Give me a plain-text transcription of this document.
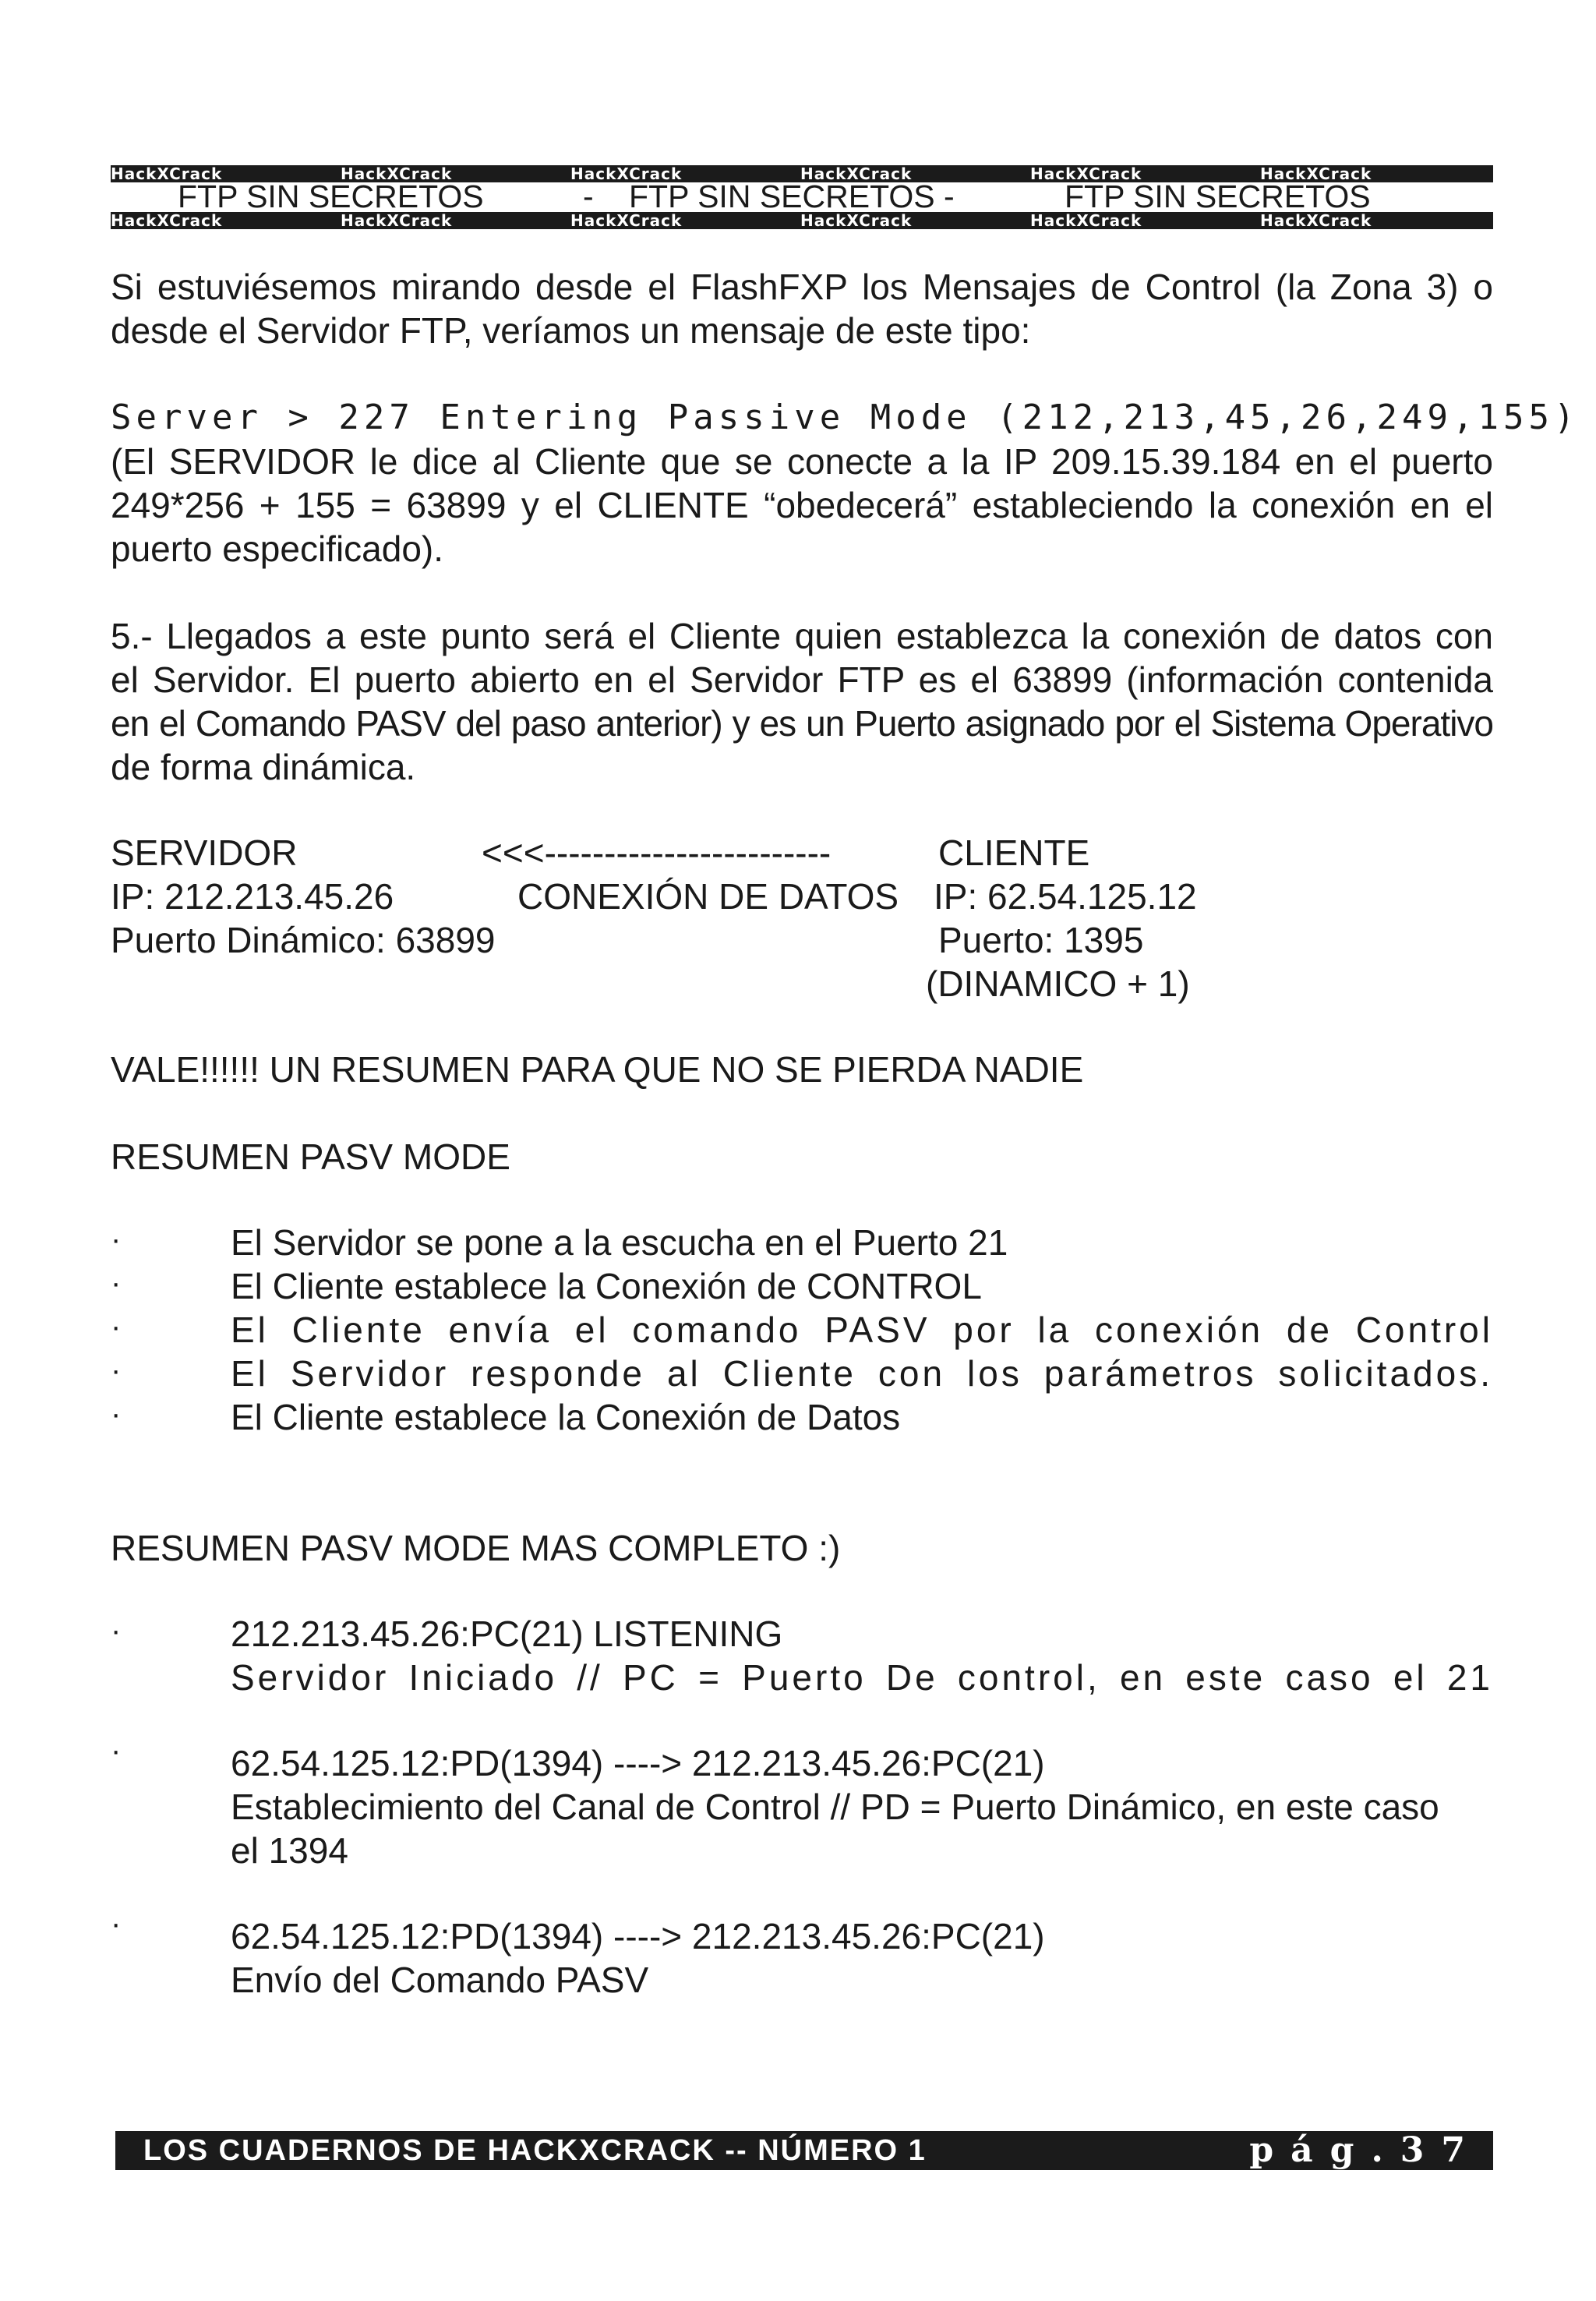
HackXCrack	HackXCrack	HackXCrack	HackXCrack	HackXCrack	HackXCrack
FTP SIN SECRETOS	- FTP SIN SECRETOS -	FTP SIN SECRETOS
HackXCrack	HackXCrack	HackXCrack	HackXCrack	HackXCrack	HackXCrack
Si estuviésemos mirando desde el FlashFXP los Mensajes de Control (la Zona 3) o
desde el Servidor FTP, veríamos un mensaje de este tipo:
Server > 227 Entering Passive Mode (212,213,45,26,249,155)
(El SERVIDOR le dice al Cliente que se conecte a la IP 209.15.39.184 en el puerto
249*256 + 155 = 63899 y el CLIENTE “obedecerá” estableciendo la conexión en el
puerto especificado).
5.- Llegados a este punto será el Cliente quien establezca la conexión de datos con
el Servidor. El puerto abierto en el Servidor FTP es el 63899 (información contenida
en el Comando PASV del paso anterior) y es un Puerto asignado por el Sistema Operativo
de forma dinámica.
SERVIDOR	<<<------------------------	CLIENTE
IP: 212.213.45.26	CONEXIÓN DE DATOS IP: 62.54.125.12
Puerto Dinámico: 63899	Puerto: 1395
(DINAMICO + 1)
VALE!!!!!! UN RESUMEN PARA QUE NO SE PIERDA NADIE
RESUMEN PASV MODE
·	El Servidor se pone a la escucha en el Puerto 21
·	El Cliente establece la Conexión de CONTROL
·	El Cliente envía el comando PASV por la conexión de Control
·	El Servidor responde al Cliente con los parámetros solicitados.
·	El Cliente establece la Conexión de Datos
RESUMEN PASV MODE MAS COMPLETO :)
·	212.213.45.26:PC(21) LISTENING
Servidor Iniciado // PC = Puerto De control, en este caso el 21
·	62.54.125.12:PD(1394) ----> 212.213.45.26:PC(21)
Establecimiento del Canal de Control // PD = Puerto Dinámico, en este caso
el 1394
·	62.54.125.12:PD(1394) ----> 212.213.45.26:PC(21)
Envío del Comando PASV
LOS CUADERNOS DE HACKXCRACK -- NÚMERO 1	pág.37
